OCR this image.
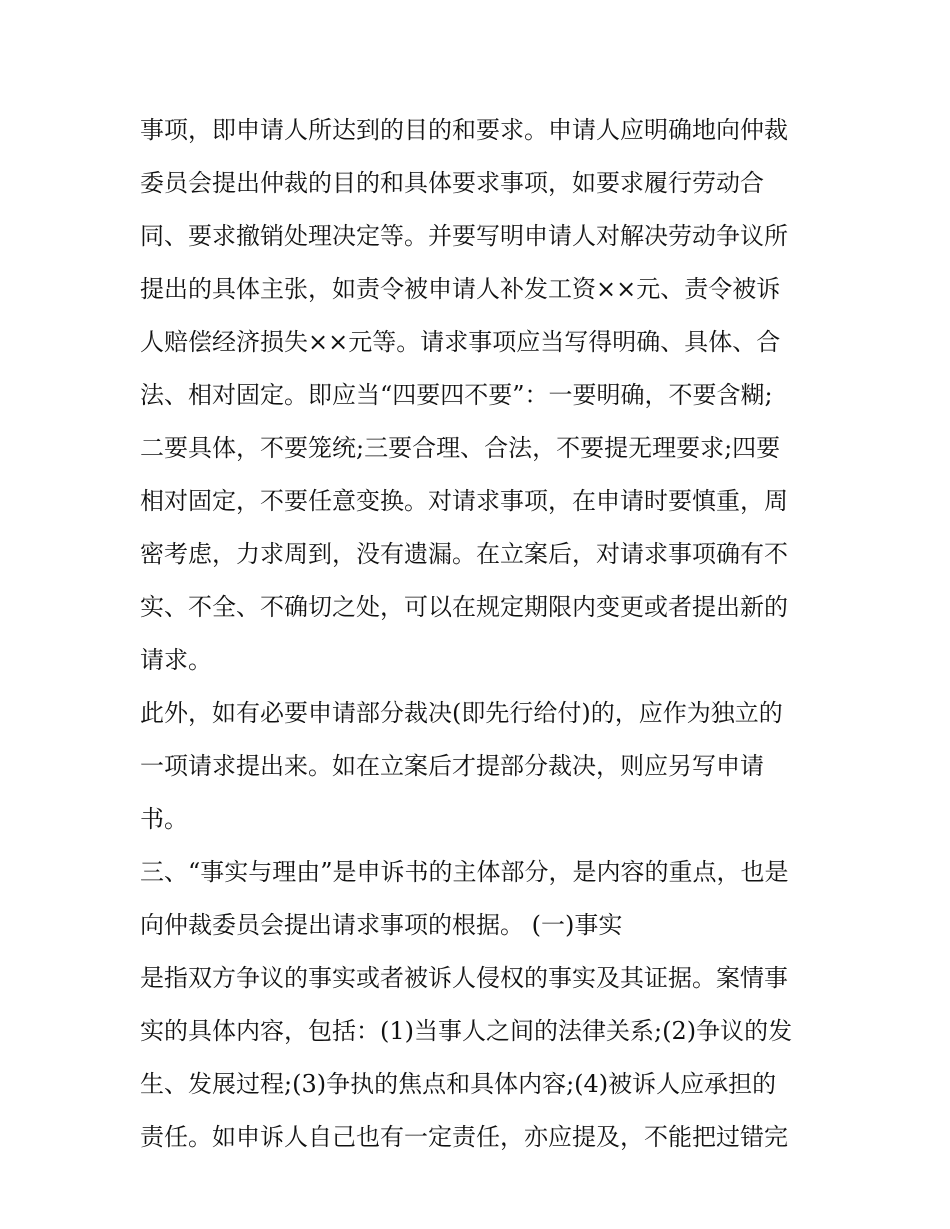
事项，即申请人所达到的目的和要求。申请人应明确地向仲裁
委员会提出仲裁的目的和具体要求事项，如要求履行劳动合
同、要求撤销处理决定等。并要写明申请人对解决劳动争议所
提出的具体主张，如责令被申请人补发工资××元、责令被诉
人赔偿经济损失××元等。请求事项应当写得明确、具体、合
法、相对固定。即应当“四要四不要”：一要明确，不要含糊;
二要具体，不要笼统;三要合理、合法，不要提无理要求;四要
相对固定，不要任意变换。对请求事项，在申请时要慎重，周
密考虑，力求周到，没有遗漏。在立案后，对请求事项确有不
实、不全、不确切之处，可以在规定期限内变更或者提出新的
请求。
此外，如有必要申请部分裁决(即先行给付)的，应作为独立的
一项请求提出来。如在立案后才提部分裁决，则应另写申请
书。
三、“事实与理由”是申诉书的主体部分，是内容的重点，也是
向仲裁委员会提出请求事项的根据。 (一)事实
是指双方争议的事实或者被诉人侵权的事实及其证据。案情事
实的具体内容，包括：(1)当事人之间的法律关系;(2)争议的发
生、发展过程;(3)争执的焦点和具体内容;(4)被诉人应承担的
责任。如申诉人自己也有一定责任，亦应提及，不能把过错完
